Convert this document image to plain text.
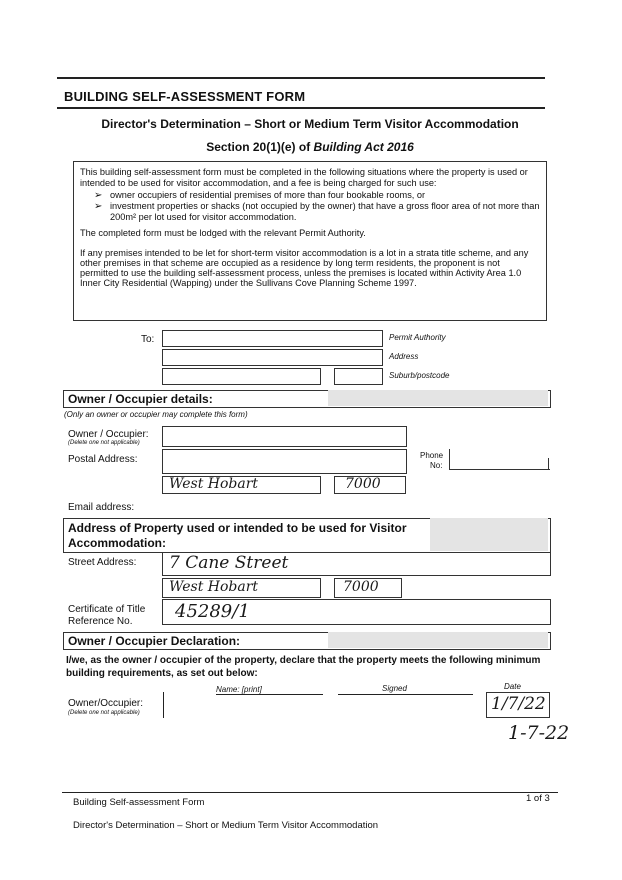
BUILDING SELF-ASSESSMENT FORM
Director's Determination – Short or Medium Term Visitor Accommodation
Section 20(1)(e) of Building Act 2016
This building self-assessment form must be completed in the following situations where the property is used or intended to be used for visitor accommodation, and a fee is being charged for such use:
➢ owner occupiers of residential premises of more than four bookable rooms, or
➢ investment properties or shacks (not occupied by the owner) that have a gross floor area of not more than 200m² per lot used for visitor accommodation.
The completed form must be lodged with the relevant Permit Authority.
If any premises intended to be let for short-term visitor accommodation is a lot in a strata title scheme, and any other premises in that scheme are occupied as a residence by long term residents, the proponent is not permitted to use the building self-assessment process, unless the premises is located within Activity Area 1.0 Inner City Residential (Wapping) under the Sullivans Cove Planning Scheme 1997.
To:	Permit Authority
Address
Suburb/postcode
Owner / Occupier details:
(Only an owner or occupier may complete this form)
Owner / Occupier:
(Delete one not applicable)
Postal Address:	Phone
No:
West Hobart	7000
Email address:
Address of Property used or intended to be used for Visitor
Accommodation:
Street Address: 7 Cane Street
West Hobart	7000
Certificate of Title
Reference No. 45289/1
Owner / Occupier Declaration:
I/we, as the owner / occupier of the property, declare that the property meets the following minimum building requirements, as set out below:
Name: [print]	Signed	Date
Owner/Occupier:
(Delete one not applicable)	1/7/22
1-7-22
Building Self-assessment Form	1 of 3
Director's Determination – Short or Medium Term Visitor Accommodation
